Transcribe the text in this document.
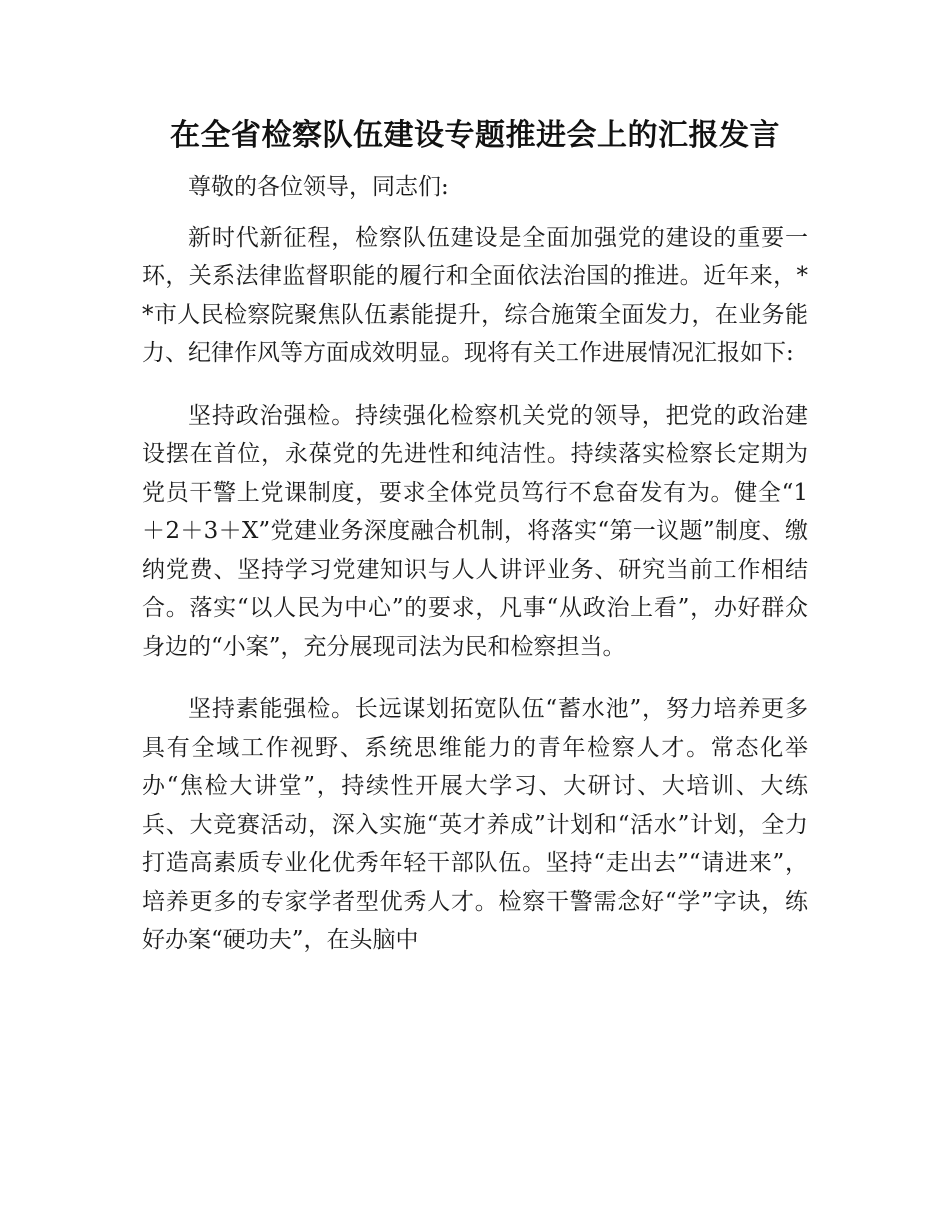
在全省检察队伍建设专题推进会上的汇报发言

尊敬的各位领导，同志们:

新时代新征程，检察队伍建设是全面加强党的建设的重要一环，关系法律监督职能的履行和全面依法治国的推进。近年来，**市人民检察院聚焦队伍素能提升，综合施策全面发力，在业务能力、纪律作风等方面成效明显。现将有关工作进展情况汇报如下:

坚持政治强检。持续强化检察机关党的领导，把党的政治建设摆在首位，永葆党的先进性和纯洁性。持续落实检察长定期为党员干警上党课制度，要求全体党员笃行不怠奋发有为。健全“1＋2＋3＋X”党建业务深度融合机制，将落实“第一议题”制度、缴纳党费、坚持学习党建知识与人人讲评业务、研究当前工作相结合。落实“以人民为中心”的要求，凡事“从政治上看”，办好群众身边的“小案”，充分展现司法为民和检察担当。

坚持素能强检。长远谋划拓宽队伍“蓄水池”，努力培养更多具有全域工作视野、系统思维能力的青年检察人才。常态化举办“焦检大讲堂”，持续性开展大学习、大研讨、大培训、大练兵、大竞赛活动，深入实施“英才养成”计划和“活水”计划，全力打造高素质专业化优秀年轻干部队伍。坚持“走出去”“请进来”，培养更多的专家学者型优秀人才。检察干警需念好“学”字诀，练好办案“硬功夫”，在头脑中
